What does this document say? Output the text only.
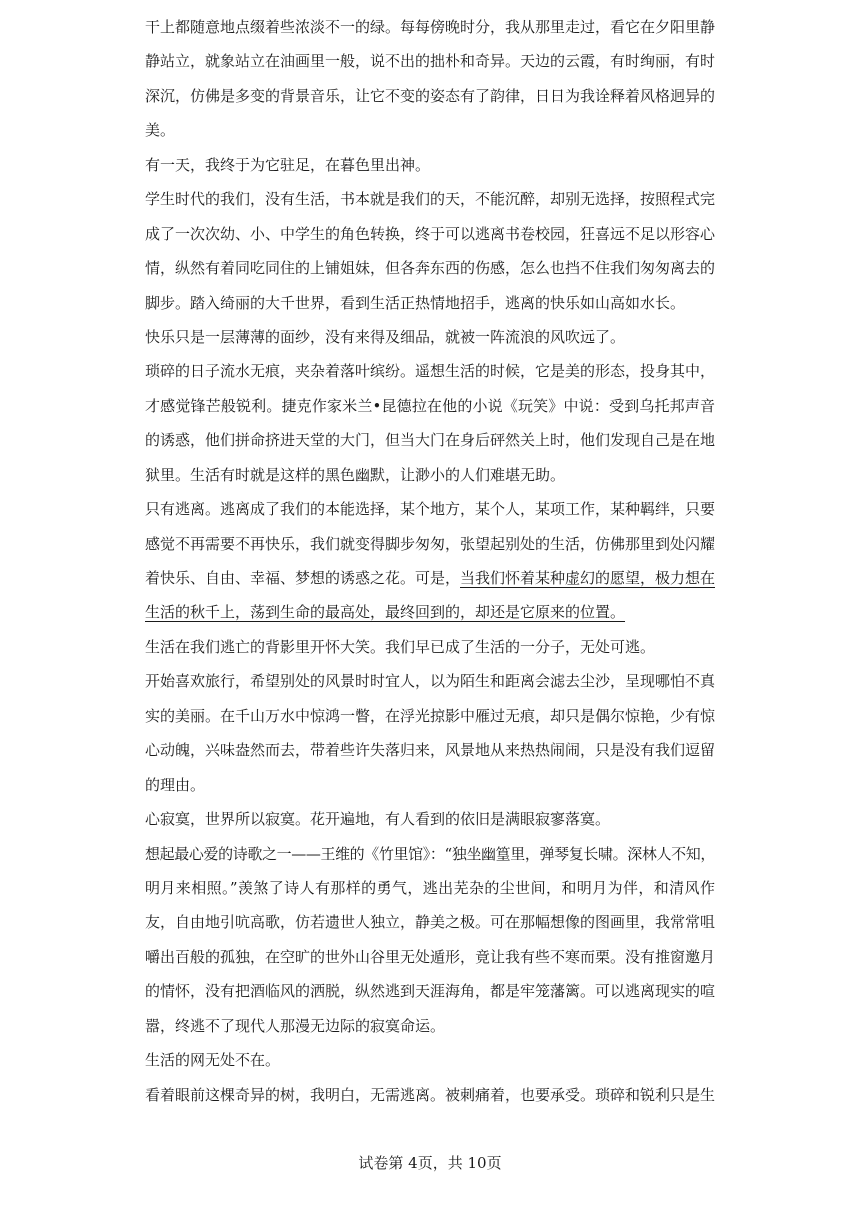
干上都随意地点缀着些浓淡不一的绿。每每傍晚时分，我从那里走过，看它在夕阳里静
静站立，就象站立在油画里一般，说不出的拙朴和奇异。天边的云霞，有时绚丽，有时
深沉，仿佛是多变的背景音乐，让它不变的姿态有了韵律，日日为我诠释着风格迥异的
美。
有一天，我终于为它驻足，在暮色里出神。
学生时代的我们，没有生活，书本就是我们的天，不能沉醉，却别无选择，按照程式完
成了一次次幼、小、中学生的角色转换，终于可以逃离书卷校园，狂喜远不足以形容心
情，纵然有着同吃同住的上铺姐妹，但各奔东西的伤感，怎么也挡不住我们匆匆离去的
脚步。踏入绮丽的大千世界，看到生活正热情地招手，逃离的快乐如山高如水长。
快乐只是一层薄薄的面纱，没有来得及细品，就被一阵流浪的风吹远了。
琐碎的日子流水无痕，夹杂着落叶缤纷。遥想生活的时候，它是美的形态，投身其中，
才感觉锋芒般锐利。捷克作家米兰•昆德拉在他的小说《玩笑》中说：受到乌托邦声音
的诱惑，他们拼命挤进天堂的大门，但当大门在身后砰然关上时，他们发现自己是在地
狱里。生活有时就是这样的黑色幽默，让渺小的人们难堪无助。
只有逃离。逃离成了我们的本能选择，某个地方，某个人，某项工作，某种羁绊，只要
感觉不再需要不再快乐，我们就变得脚步匆匆，张望起别处的生活，仿佛那里到处闪耀
着快乐、自由、幸福、梦想的诱惑之花。可是，当我们怀着某种虚幻的愿望，极力想在
生活的秋千上，荡到生命的最高处，最终回到的，却还是它原来的位置。
生活在我们逃亡的背影里开怀大笑。我们早已成了生活的一分子，无处可逃。
开始喜欢旅行，希望别处的风景时时宜人，以为陌生和距离会滤去尘沙，呈现哪怕不真
实的美丽。在千山万水中惊鸿一瞥，在浮光掠影中雁过无痕，却只是偶尔惊艳，少有惊
心动魄，兴味盎然而去，带着些许失落归来，风景地从来热热闹闹，只是没有我们逗留
的理由。
心寂寞，世界所以寂寞。花开遍地，有人看到的依旧是满眼寂寥落寞。
想起最心爱的诗歌之一——王维的《竹里馆》：“独坐幽篁里，弹琴复长啸。深林人不知，
明月来相照。”羡煞了诗人有那样的勇气，逃出芜杂的尘世间，和明月为伴，和清风作
友，自由地引吭高歌，仿若遗世人独立，静美之极。可在那幅想像的图画里，我常常咀
嚼出百般的孤独，在空旷的世外山谷里无处遁形，竟让我有些不寒而栗。没有推窗邀月
的情怀，没有把酒临风的洒脱，纵然逃到天涯海角，都是牢笼藩篱。可以逃离现实的喧
嚣，终逃不了现代人那漫无边际的寂寞命运。
生活的网无处不在。
看着眼前这棵奇异的树，我明白，无需逃离。被刺痛着，也要承受。琐碎和锐利只是生
试卷第 4页，共 10页
